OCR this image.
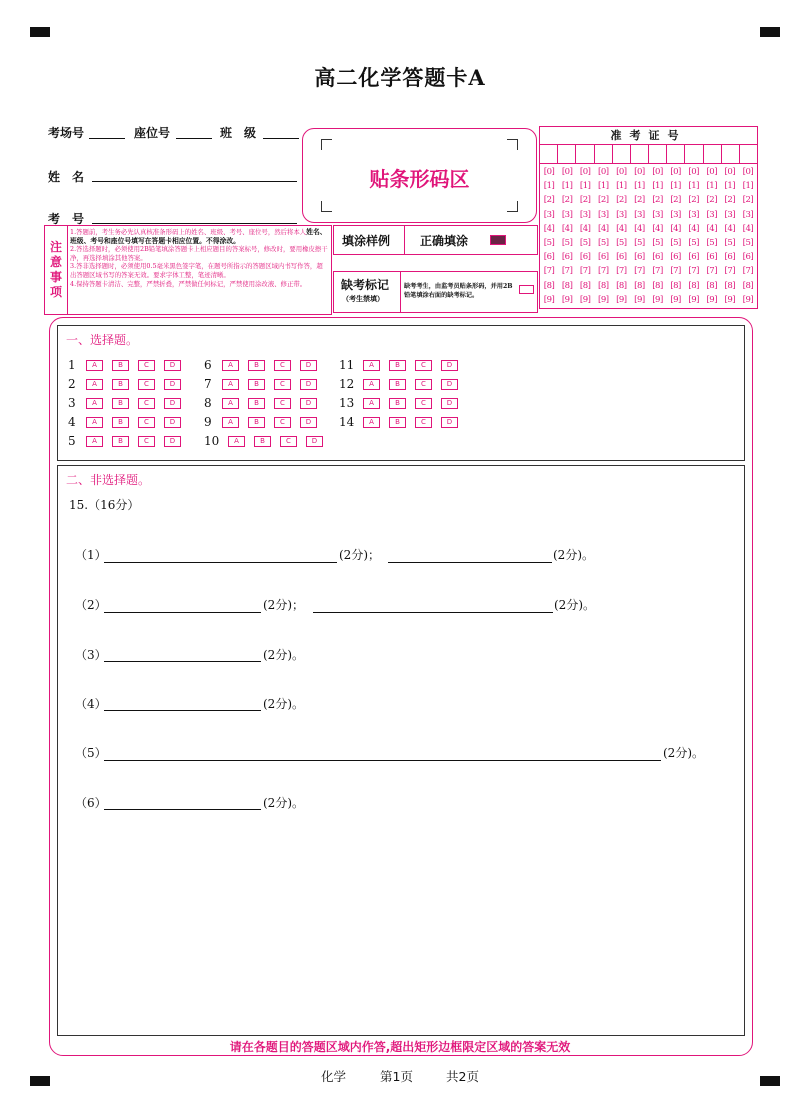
高二化学答题卡A
考场号	座位号	班　级
姓　名
考　号
贴条形码区
准考证号
[0] [0] [0] [0] [0] [0] [0] [0] [0] [0] [0] [0]
[1] [1] [1] [1] [1] [1] [1] [1] [1] [1] [1] [1]
[2] [2] [2] [2] [2] [2] [2] [2] [2] [2] [2] [2]
[3] [3] [3] [3] [3] [3] [3] [3] [3] [3] [3] [3]
[4] [4] [4] [4] [4] [4] [4] [4] [4] [4] [4] [4]
[5] [5] [5] [5] [5] [5] [5] [5] [5] [5] [5] [5]
[6] [6] [6] [6] [6] [6] [6] [6] [6] [6] [6] [6]
[7] [7] [7] [7] [7] [7] [7] [7] [7] [7] [7] [7]
[8] [8] [8] [8] [8] [8] [8] [8] [8] [8] [8] [8]
[9] [9] [9] [9] [9] [9] [9] [9] [9] [9] [9] [9]
注
意
事
项
1.答题前，考生务必先认真核准条形码上的姓名、班级、考号、座位号，然后将本人姓名、班级、考号和座位号填写在答题卡相应位置。不得涂改。
2.答选择题时，必须使用2B铅笔填涂答题卡上相应题目的答案标号，修改时，要用橡皮擦干净，再选择填涂其他答案。
3.答非选择题时，必须使用0.5毫米黑色签字笔，在题号所指示的答题区域内书写作答，超出答题区域书写的答案无效。要求字体工整，笔迹清晰。
4.保持答题卡清洁、完整，严禁折叠，严禁做任何标记，严禁使用涂改液、修正带。
填涂样例 正确填涂
缺考标记
（考生禁填）
缺考考生，由监考员贴条形码，并用2B铅笔填涂右面的缺考标记。
一、选择题。
1 A	B	C	D
2 A	B	C	D
3 A	B	C	D
4 A	B	C	D
5 A	B	C	D
6 A	B	C	D
7 A	B	C	D
8 A	B	C	D
9 A	B	C	D
10 A	B	C	D
11 A	B	C	D
12 A	B	C	D
13 A	B	C	D
14 A	B	C	D
二、非选择题。
15.（16分）
（1）	(2分)；	(2分)。
（2）	(2分)；	(2分)。
（3）	(2分)。
（4）	(2分)。
（5）	(2分)。
（6）	(2分)。
请在各题目的答题区域内作答,超出矩形边框限定区域的答案无效
化学	第1页	共2页
